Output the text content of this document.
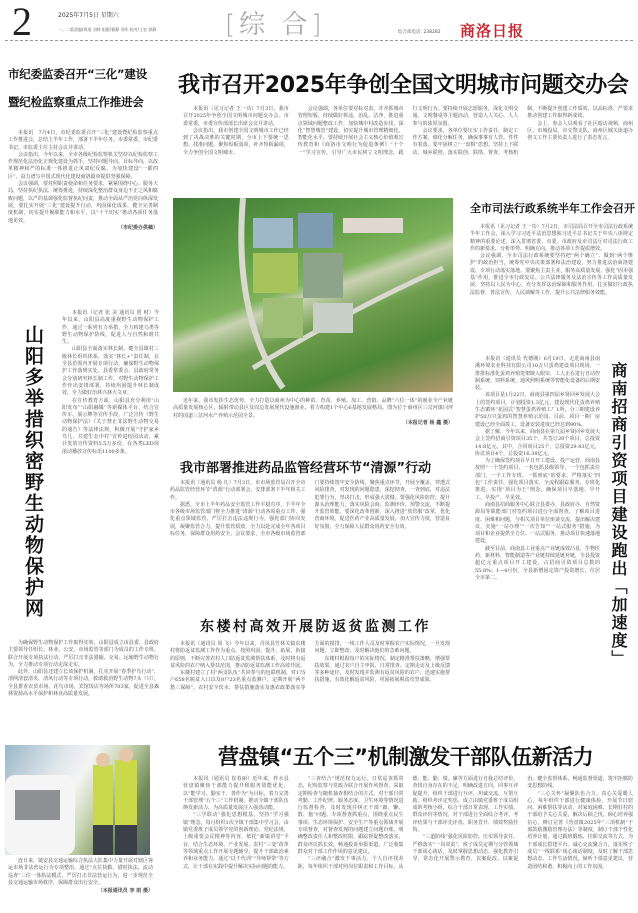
2	2025年7月5日 星期六
一、二版责编/周道 刘婷 组版/曹静 刘军 校对/王宏 郭静	[综 合]	综合部电话: 238282 商洛日报
市纪委监委召开“三化”建设
暨纪检监察重点工作推进会

本报讯　7月4日，市纪委监委召开“三化”建设暨纪检监察重点工作推进会，总结上半年工作，部署下半年任务。市委常委、市纪委书记、市监委主任主持会议并讲话。

会议指出，今年以来，全市各级纪检监察机关坚持以纪检监察工作规范化法治化正规化建设为抓手，坚持问题导向、目标导向，以改革精神和严的标准一体推进正风肃纪反腐，为加快建设“一都四区”、奋力谱写中国式现代化建设商洛篇章提供坚强保障。

会议强调，要对照职责使命和任务要求，紧紧围绕中心、服务大局，坚持执纪执法、统筹推进，持续深化整治群众身边不正之风和腐败问题，以严的基调强化监督执纪问责，推动全面从严治党向纵深发展。要扎实开展“三化”建设提升行动，巩固深化成果，健全完善制度机制，切实提升履职能力和水平，以“十个切实”推动各项任务落地见效。

（市纪委办供稿）

山阳多举措织密野生动物保护网

本报讯（记者 张 美 通讯员 贾 财）今年以来，山阳县高度重视野生动物保护工作，通过一系列有力举措，全力构建乌类等野生动物保护防线，促进人与自然和谐共生。

山阳县全面落实林长制，健全县镇村三级林长组织体系，落实“林长+”责任制，在全县范围内开展专项行动，确保野生动物保护工作落到实处。县委常委会、县政府常务会分别研究林长制工作，对野生动物保护工作作出安排部署，持续巩固提升林长制成效，全力做好治林兴林大文章。

在宣传教育方面，山阳县充分利用“山阳发布”“山阳融媒”等新媒体平台，结合宣传车、展示牌等宣传手段，广泛宣传《野生动物保护法》《关于禁止非法野生动物交易的通告》等法律法规，积极开展“守护家乡鸟儿，共建生态中村”宣传进校园活动，累计发放宣传资料5.5万多份，在各类LED屏滚动播放宣传标语1100多条。

为确保野生动物保护工作取得实效，山阳县成立由县委、县政府主要领导任组长，林业、公安、市场监管等部门为成员的工作专班，联合开展专项执法行动，严厉打击非法猎捕、交易、运输野生动物行为，全力推动专项行动走深走实。

此外，山阳县还建立长效保护机制，扎实开展“春季护鸟行动”，清网清套清夹、清风行动等专项行动，救助救治野生动物7头（只），全县排查农贸市场、花鸟市场、宾馆饭店等场所703家，促进全县森林资源高水平保护和林业高质量发展。

连日来，镇安县交通运输综合执法大队集中力量开展对辖区客运市场非法营运行为专项整治，通过“点位执勤、错时执法、流动巡查”三位一体执法模式，严厉打击非法营运行为，进一步规范全县交通运输市场秩序，保障群众出行安全。

（本报通讯员 李 雨 摄）

我市召开2025年争创全国文明城市问题交办会

本报讯（见习记者 王一功）7月3日，我市召开2025年争创全国文明城市问题交办会。市委常委、市委宣传部部长出席会议并讲话。

会议指出，我市创建全国文明城市工作已经到了决战决胜的关键时期，全市上下要统一思想、找准问题、聚焦短板弱项，补齐短板漏项，全力争创全国文明城市。

会议强调，各单位要对标对表，并齐抓城市管理短板，持续做好拆违、治乱、洁净，推进重点领域问题整改工作，加快城中村改造步伐，深化“智慧城管”建设，切实提升城市管理精细化、智能化水平。要持续开展社会主义核心价值观宣传教育和《商洛市文明行为促进条例》“十个一”学习宣传，引导广大市民树立文明理念、践行文明行为。要持续开展志愿服务，深化文明交通、文明餐桌等主题活动，营造人人关心、人人参与的浓厚氛围。

会议要求，各单位要压实工作责任，制定工作方案，细化分解任务，确保事事有人管、件件有着落。要牢固树立“一盘棋”思想，坚持上下联动、城乡联创，落实联创、联络、督查、考核机制，不断提升创建工作质效，以高标准、严要求推动创建工作取得新成效。

会上，参会人员观看了社区暗访视频，商州区、市城投局、市交警支队、商州区城关街道办创文工作主要负责人进行了表态发言。

近年来，我市发挥生态优势，全力打造以商州为中心的种苗、育苗、养殖、加工、营销、品牌“六位一体”的渔业全产业链高质量发展核心区，辐射带动县区及周边发展现代设施渔业，着力构建1个中心6基地发展格局。图为位于商州区三岔河镇闫坪村的国道三岔河水产养殖示范园全景。

（本报记者 杨 鑫 摄）

全市司法行政系统半年工作会召开

本报讯（见习记者 王一功）7月2日，市司法局召开全市司法行政系统半年工作会，深入学习习近平法治思想和习近平总书记关于中央八项规定精神的重要论述，深入贯彻省委、市委、市政府及市司法厅对司法行政工作的新要求，分析形势、明确方向，推动各项工作提质增效。

会议强调，全市司法行政系统要坚持把“两个确立”、做到“两个维护”的政治担当，统筹党中央决策部署和法治建设，努力推进法治商洛建设、专项行动落实落地。要聚焦主责主业，服务高质量发展，强化“固本强基”作用，推进全市行政复议、公共法律服务及法治宣传等工作高质量发展，坚持以人民为中心，充分发挥法治保障和服务作用，扎实做好行政执法监督、普法宣传、人民调解等工作，提升公共法律服务效能。

商南招商引资项目建设跑出「加速度」

本报讯（通讯员 代德刚）6月19日，走进商南县南溪环境农业科技有限公司10万只蛋鸡建设项目现场，一排排标准化蛋鸡养殖笼架映入眼帘，工人正在进行自动控制系统、饲料系统、通风照明系统等智能化设备的后期安装。

该项目是1月22日，商南县第四届乡贤回乡发展大会上的签约项目，计划投资1.3亿元，建设现代化蛋鸡养殖生态循环“花园式”智慧蛋鸡养殖工厂1所，分三期建设养护50万只蛋鸡的智慧养殖示范园。目前，项目一期厂房建设已经全面竣工，设备安装进度已经达到90%。

据了解，今年以来，商南县在第九届乡贤回乡发展大会上签约招商引资项目35个，共签订20个项目，总投资14.8亿元。其中，合同项目25个，总投资29.43亿元，协议项目4个，总投资16.38亿元。

为了确保签约项目早日开工建设、投产运营，商南县按照“一个签约项目、一名包抓县级领导、一个包抓责任部门、一个工作专班、一抓到底”的要求，严格落实“四包”工作责任，强化项目落实，全流程跟踪服务，专班化推进，实现“项目为王”理念，确保项目早落地、早开工、早投产、早见效。

商南县招商服务中心联合县委办、县政府办、自然资源局等职能部门对签约项目进行全面督查，了解项目进度、困难和问题，与相关项目单位座谈交流，提出解决建议，实施“一站办理”“一次告知”“一站式服务”措施，为项目和企业提供全方位、一站式服务，推动项目快速落地建设。

截至目前，商南县工业重点产业链成效凸显，生物医药、新材料、智能制造等产业链持续延链补链，全县投资超亿元重点项目开工建设，占招商引资项目总数的55.8%；1—4月份，全县新增固定资产投资增长，位居全市第二。

我市部署推进药品监管经营环节“清源”行动

本报讯（通讯员 杨 凡）7月3日，市市场监管局召开全市药品监管经营环节“清源”行动部署会，安排部署下半年相关工作。

据悉，全市上半年药品安全监管工作平稳有序，下半年全市各级市场监管部门将全力推进“清源”行动各项重点工作，强化重点领域监管，严厉打击违法违规行为，强化部门协同发展，凝聚监管合力，提升监管质效，全力以赴完成全年各项目标任务，保障群众用药安全。会议要求，全市各级市场监管部门要持续筑牢安全防线，聚焦重点环节，开展全覆盖、穿透式风险排查，对发现的问题隐患，深挖彻查，一查到底，对违法犯罪行为，坚决打击，形成强大震慑。要强化风险防控，提升源头治理能力，落实风险会商、监测评价、预警交流，不断提升监管效能。要深化改革创新，深入推进“放管服”改革，优化营商环境，促进医药产业高质量发展，加大宣传力度，营造良好氛围，全力保障人民群众用药安全有效。

东楼村高效开展防返贫监测工作

本报讯（通讯员 周 飞）今年以来，丹凤县竹林关镇东楼村将防返贫监测工作作为重点，按照巩固、提升、拓展、衔接的原则，不断完善农村人口防返贫监测帮扶体系，及时将有返贫风险的农户纳入帮扶范围，推动防返贫监测工作高效开展。

东楼村建立了村“两支队伍”共同参与的包联机制，对175户658名脱贫人口以及8户23名重点监测户，定期开展“两不愁三保障”、农村安全饮水、帮扶措施落实及惠农政策落实等方面的摸排，一线工作人员及时掌握农户实际情况，一旦发现问题，立即整改，及时解决他们的急难问题。

东楼村根据每户的实际情况，制定精准帮扶策略，增强帮扶效果。通过农户自主申报、日常排查、定期走访及上级反馈等多种途径，及时发现并监测有返贫风险的农户，迅速实施帮扶措施，有效化解返贫风险，巩固拓展脱贫攻坚成果。

营盘镇“五个三”机制激发干部队伍新活力

本报讯（通讯员 崔春丽）近年来，柞水县营盘镇聚焦干部能力提升和服务效能优化，以“能学习、勤实干、善作为”为目标，着力完善干部管理“五个三”工作机制，推动全镇干部队伍焕发新活力，为高质量发展注入强劲动能。

“三学联动”强化思想根基。坚持“学习强镇”理念，每月组织1次全镇干部集中学习会，由镇党委班子成员领学党的创新理论、党纪法规、上级重要会议精神等内容，依托“新镇讲堂”平台，结合生态环境、产业发展、农村“三变”改革等领域重点工作开展专题辅导，提升干部政治素养和业务能力，通过“以干代训”“导师帮带”等方式，让干部在实践中提升解决实际问题的能力。

“三查结合”规范权力运行。日常巡查抓常态，纪检监察与党政办联合开展作风督查，采取定期检查与随机抽查相结合的方式，对干部日常考勤、工作纪律、服务态度、卫生环境等情况进行监督检查，及时发现并纠正干部“庸、懒、散、拖”问题。专项督查抓重点，围绕重点民生事项、生态环境保护、安全生产等重点领域开展专项督查，对督查发现的问题建立问题台账，明确整改责任人和整改时限，跟踪督促整改落实。群众评议抓长效，畅通投诉举报渠道，广泛收集群众对干部工作作风的意见建议。

“三评融合”激发干事活力。个人自评找差距，每年组织干部对照岗位职责和工作目标，从德、能、勤、绩、廉等方面进行自我总结评价，查找自身存在的不足，明确改进方向。同事互评促提升，组织干部进行互评，坦诚交流、互帮互助。组织考评定奖惩，成立由镇党委班子成员组成的考核小组，综合干部日常表现、工作实绩、群众评价等情况，对干部进行全面综合考评，考评结果与干部评先评优、职务晋升、绩效奖励挂钩。

“三道防线”强化风险防控。压实领导责任，严格落实“一岗双责”，班子成员定期与分管领域干部谈心谈话，及时掌握思想动态。强化教育引导，常态化开展警示教育，以案促改、以案促治。健全监督体系，畅通监督渠道，筑牢拒腐防变思想防线。

“三心关怀”凝聚队伍合力。真心关爱暖人心，每年组织干部进行健康体检，开展节日慰问、困难帮扶等活动，对家庭困难、长期驻村的干部给予关心关爱，解决后顾之忧。倾心培养强信心，修订完善《营盘镇2025年“三项机制”干部鼓励激励管理办法》等制度，制订干部个性化培养计划，通过跟班锻炼、挂职交流等方式，为干部成长搭建平台。诚心交流聚合力，落实班子成员“一线联系”谈心谈话制度，及时了解干部思想动态、工作生活情况，倾听干部意见建议，营造团结和谐、积极向上的工作氛围。
